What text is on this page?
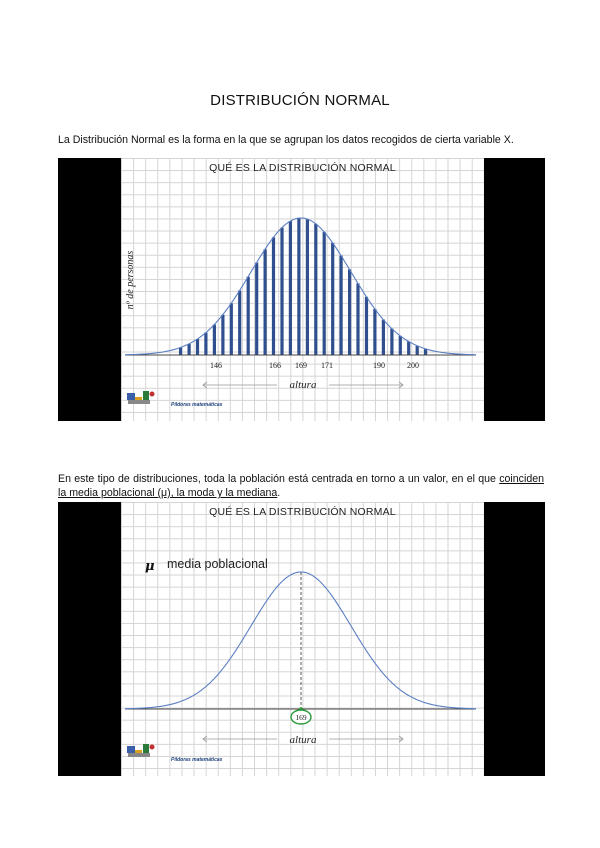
DISTRIBUCIÓN NORMAL
La Distribución Normal es la forma en la que se agrupan los datos recogidos de cierta variable X.
QUÉ ES LA DISTRIBUCIÓN NORMAL
nº de personas
146	166 169 171	190	200
altura
Píldoras matemáticas
En este tipo de distribuciones, toda la población está centrada en torno a un valor, en el que coinciden la media poblacional (μ), la moda y la mediana.
QUÉ ES LA DISTRIBUCIÓN NORMAL
μ media poblacional
169
altura
Píldoras matemáticas
